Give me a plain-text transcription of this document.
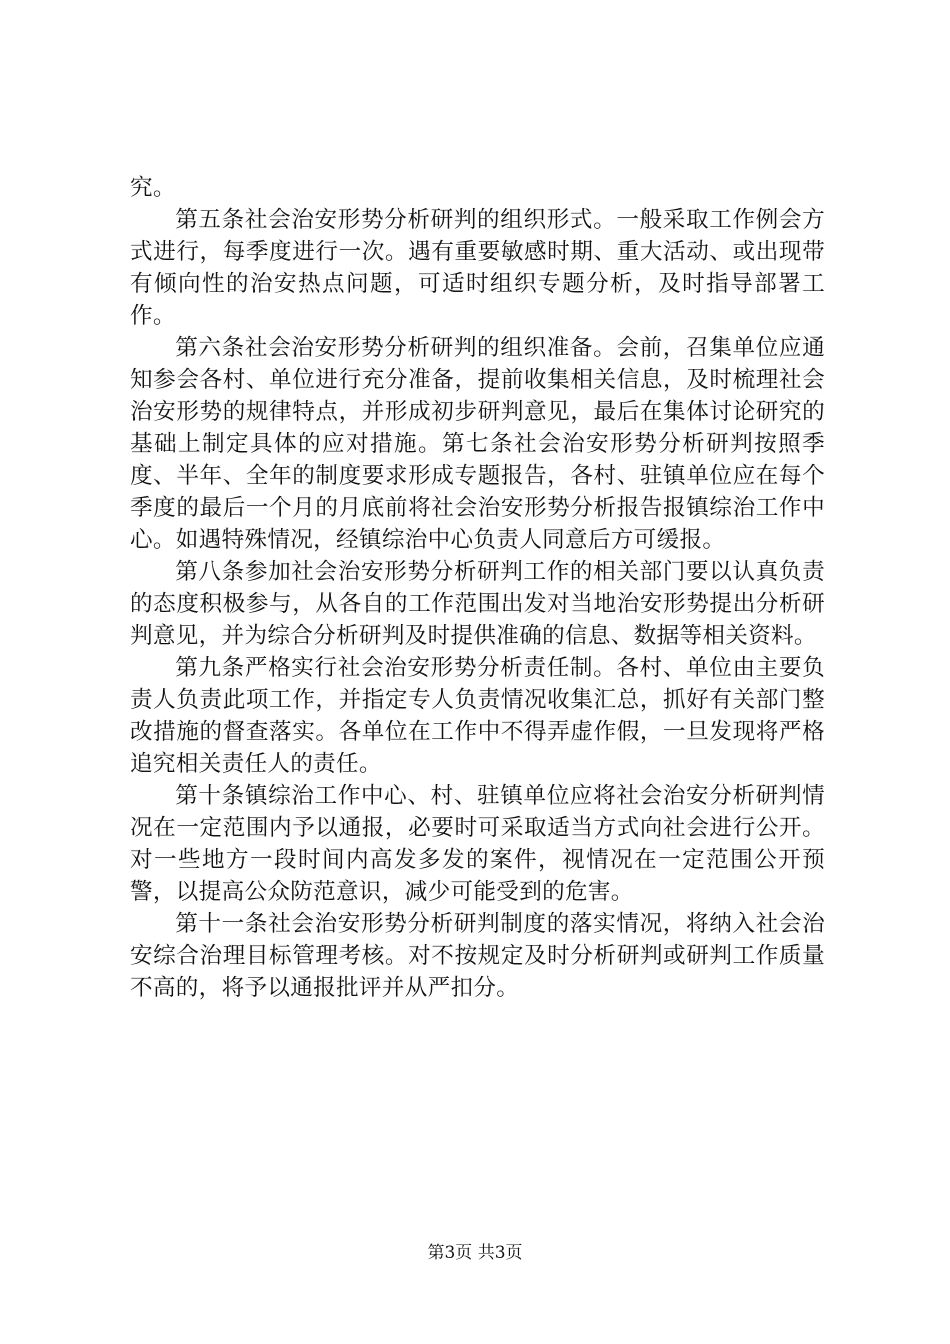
究。

第五条社会治安形势分析研判的组织形式。一般采取工作例会方式进行，每季度进行一次。遇有重要敏感时期、重大活动、或出现带有倾向性的治安热点问题，可适时组织专题分析，及时指导部署工作。

第六条社会治安形势分析研判的组织准备。会前，召集单位应通知参会各村、单位进行充分准备，提前收集相关信息，及时梳理社会治安形势的规律特点，并形成初步研判意见，最后在集体讨论研究的基础上制定具体的应对措施。第七条社会治安形势分析研判按照季度、半年、全年的制度要求形成专题报告，各村、驻镇单位应在每个季度的最后一个月的月底前将社会治安形势分析报告报镇综治工作中心。如遇特殊情况，经镇综治中心负责人同意后方可缓报。

第八条参加社会治安形势分析研判工作的相关部门要以认真负责的态度积极参与，从各自的工作范围出发对当地治安形势提出分析研判意见，并为综合分析研判及时提供准确的信息、数据等相关资料。

第九条严格实行社会治安形势分析责任制。各村、单位由主要负责人负责此项工作，并指定专人负责情况收集汇总，抓好有关部门整改措施的督查落实。各单位在工作中不得弄虚作假，一旦发现将严格追究相关责任人的责任。

第十条镇综治工作中心、村、驻镇单位应将社会治安分析研判情况在一定范围内予以通报，必要时可采取适当方式向社会进行公开。对一些地方一段时间内高发多发的案件，视情况在一定范围公开预警，以提高公众防范意识，减少可能受到的危害。

第十一条社会治安形势分析研判制度的落实情况，将纳入社会治安综合治理目标管理考核。对不按规定及时分析研判或研判工作质量不高的，将予以通报批评并从严扣分。

第3页 共3页
